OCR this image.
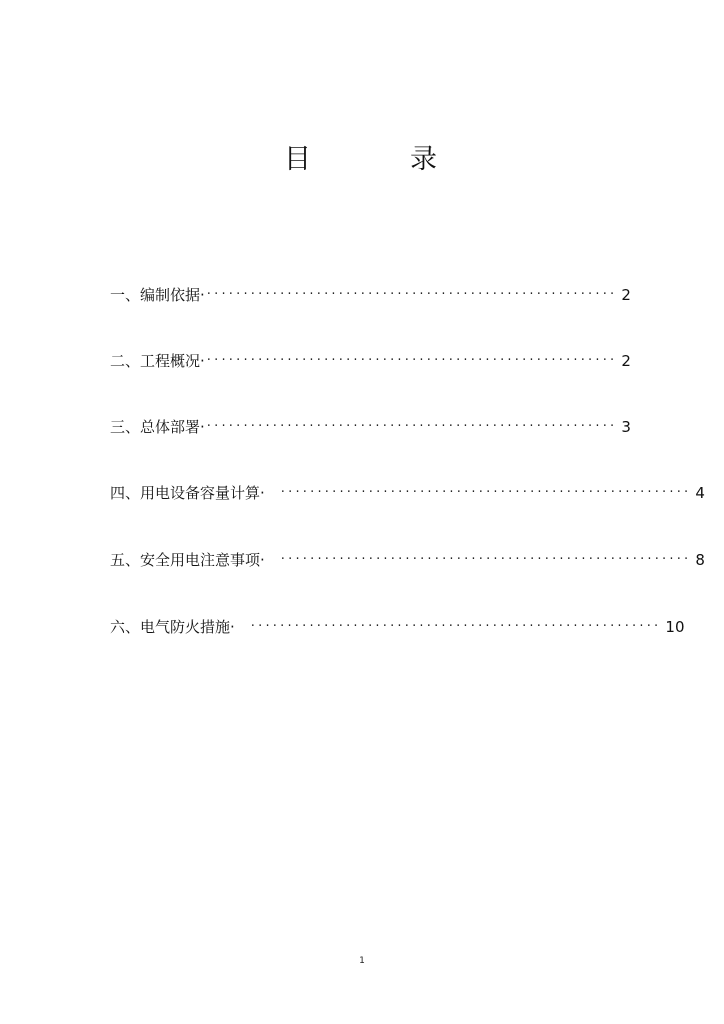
目	录
一、编制依据· ························································ 2
二、工程概况· ························································ 2
三、总体部署· ························································ 3
四、用电设备容量计算· ························································ 4
五、安全用电注意事项· ························································ 8
六、电气防火措施· ························································ 10
1
